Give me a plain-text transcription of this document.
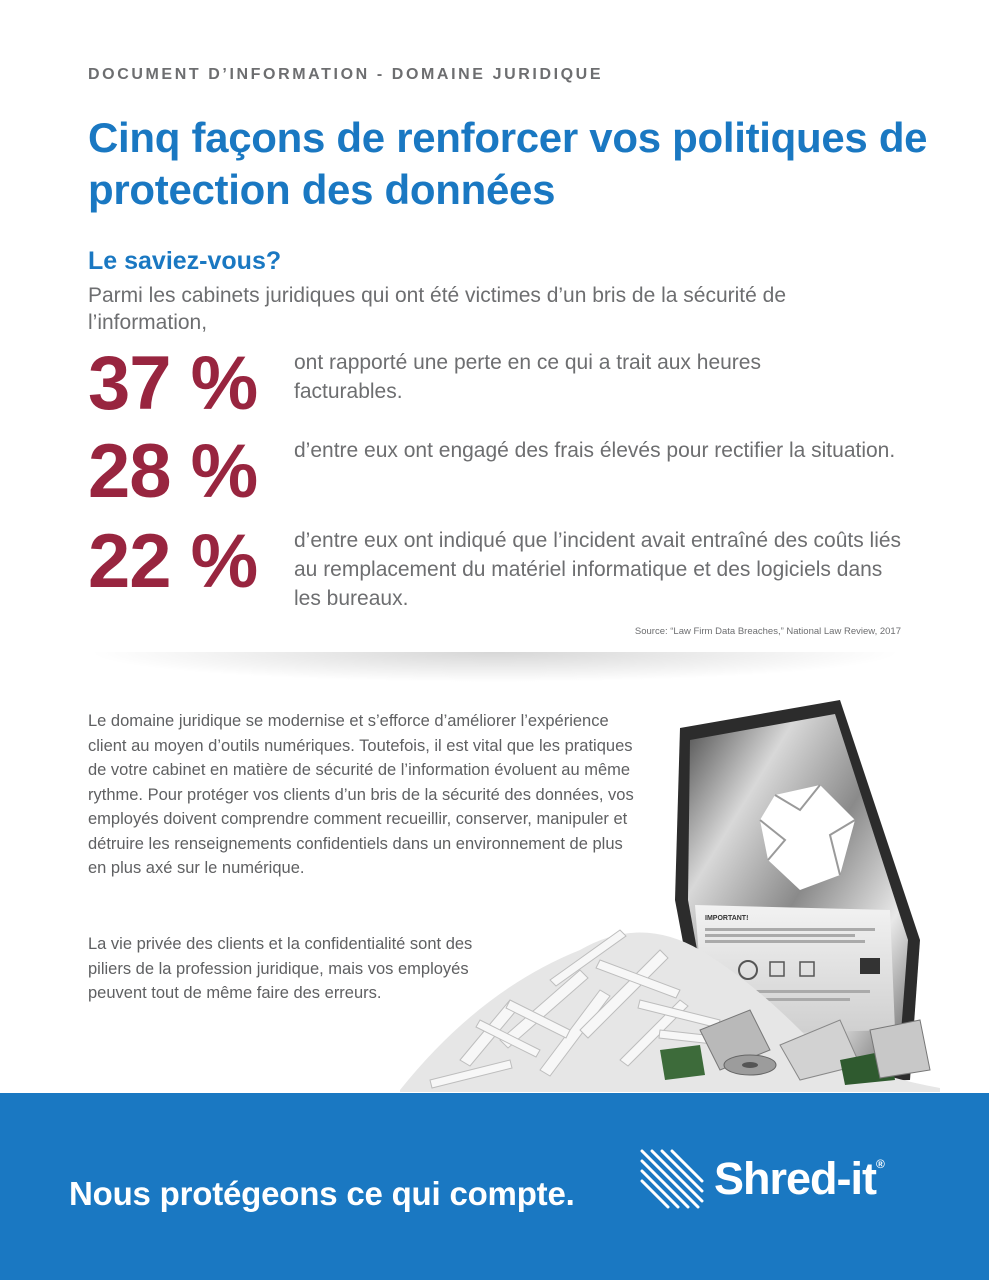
DOCUMENT D’INFORMATION - DOMAINE JURIDIQUE
Cinq façons de renforcer vos politiques de protection des données
Le saviez-vous?

Parmi les cabinets juridiques qui ont été victimes d’un bris de la sécurité de l’information,

37 %	ont rapporté une perte en ce qui a trait aux heures facturables.
28 %	d’entre eux ont engagé des frais élevés pour rectifier la situation.
22 %	d’entre eux ont indiqué que l’incident avait entraîné des coûts liés au remplacement du matériel informatique et des logiciels dans les bureaux.
Source: “Law Firm Data Breaches,” National Law Review, 2017

Le domaine juridique se modernise et s’efforce d’améliorer l’expérience client au moyen d’outils numériques. Toutefois, il est vital que les pratiques de votre cabinet en matière de sécurité de l’information évoluent au même rythme. Pour protéger vos clients d’un bris de la sécurité des données, vos employés doivent comprendre comment recueillir, conserver, manipuler et détruire les renseignements confidentiels dans un environnement de plus en plus axé sur le numérique.

La vie privée des clients et la confidentialité sont des piliers de la profession juridique, mais vos employés peuvent tout de même faire des erreurs.

IMPORTANT!
Nous protégeons ce qui compte.	Shred-it®
